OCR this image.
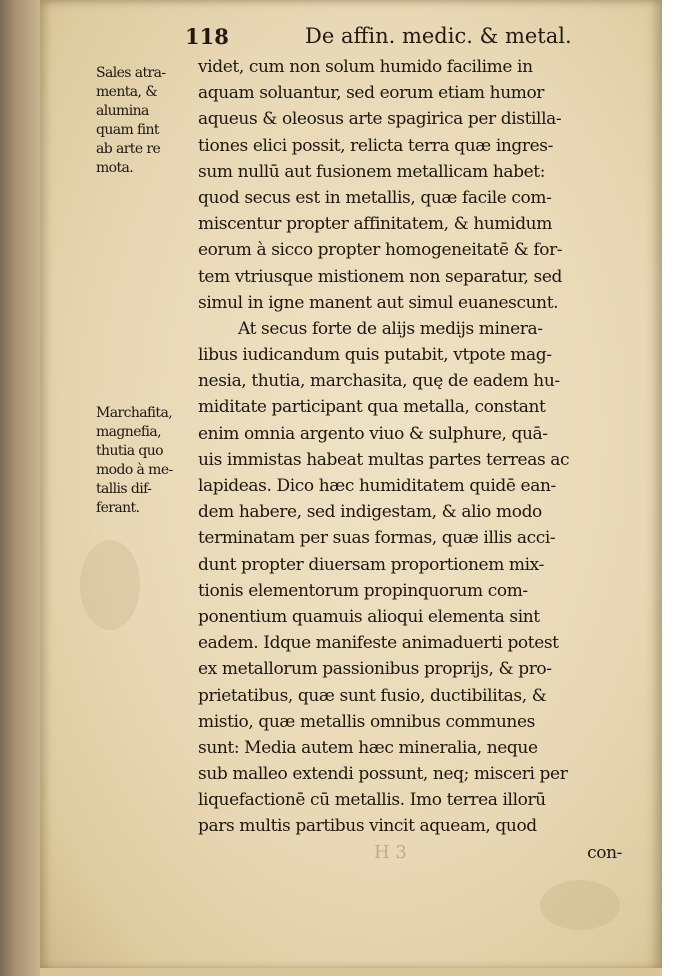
118	De affin. medic. & metal.
Sales atra-
menta, &
alumina
quam fint
ab arte re
mota.
Marchafita,
magnefia,
thutia quo
modo à me-
tallis dif-
ferant.
videt, cum non solum humido facilime in
aquam soluantur, sed eorum etiam humor
aqueus & oleosus arte spagirica per distilla-
tiones elici possit, relicta terra quæ ingres-
sum nullū aut fusionem metallicam habet:
quod secus est in metallis, quæ facile com-
miscentur propter affinitatem, & humidum
eorum à sicco propter homogeneitatē & for-
tem vtriusque mistionem non separatur, sed
simul in igne manent aut simul euanescunt.
At secus forte de alijs medijs minera-
libus iudicandum quis putabit, vtpote mag-
nesia, thutia, marchasita, quę de eadem hu-
miditate participant qua metalla, constant
enim omnia argento viuo & sulphure, quā-
uis immistas habeat multas partes terreas ac
lapideas. Dico hæc humiditatem quidē ean-
dem habere, sed indigestam, & alio modo
terminatam per suas formas, quæ illis acci-
dunt propter diuersam proportionem mix-
tionis elementorum propinquorum com-
ponentium quamuis alioqui elementa sint
eadem. Idque manifeste animaduerti potest
ex metallorum passionibus proprijs, & pro-
prietatibus, quæ sunt fusio, ductibilitas, &
mistio, quæ metallis omnibus communes
sunt: Media autem hæc mineralia, neque
sub malleo extendi possunt, neq; misceri per
liquefactionē cū metallis. Imo terrea illorū
pars multis partibus vincit aqueam, quod
con-
H 3
